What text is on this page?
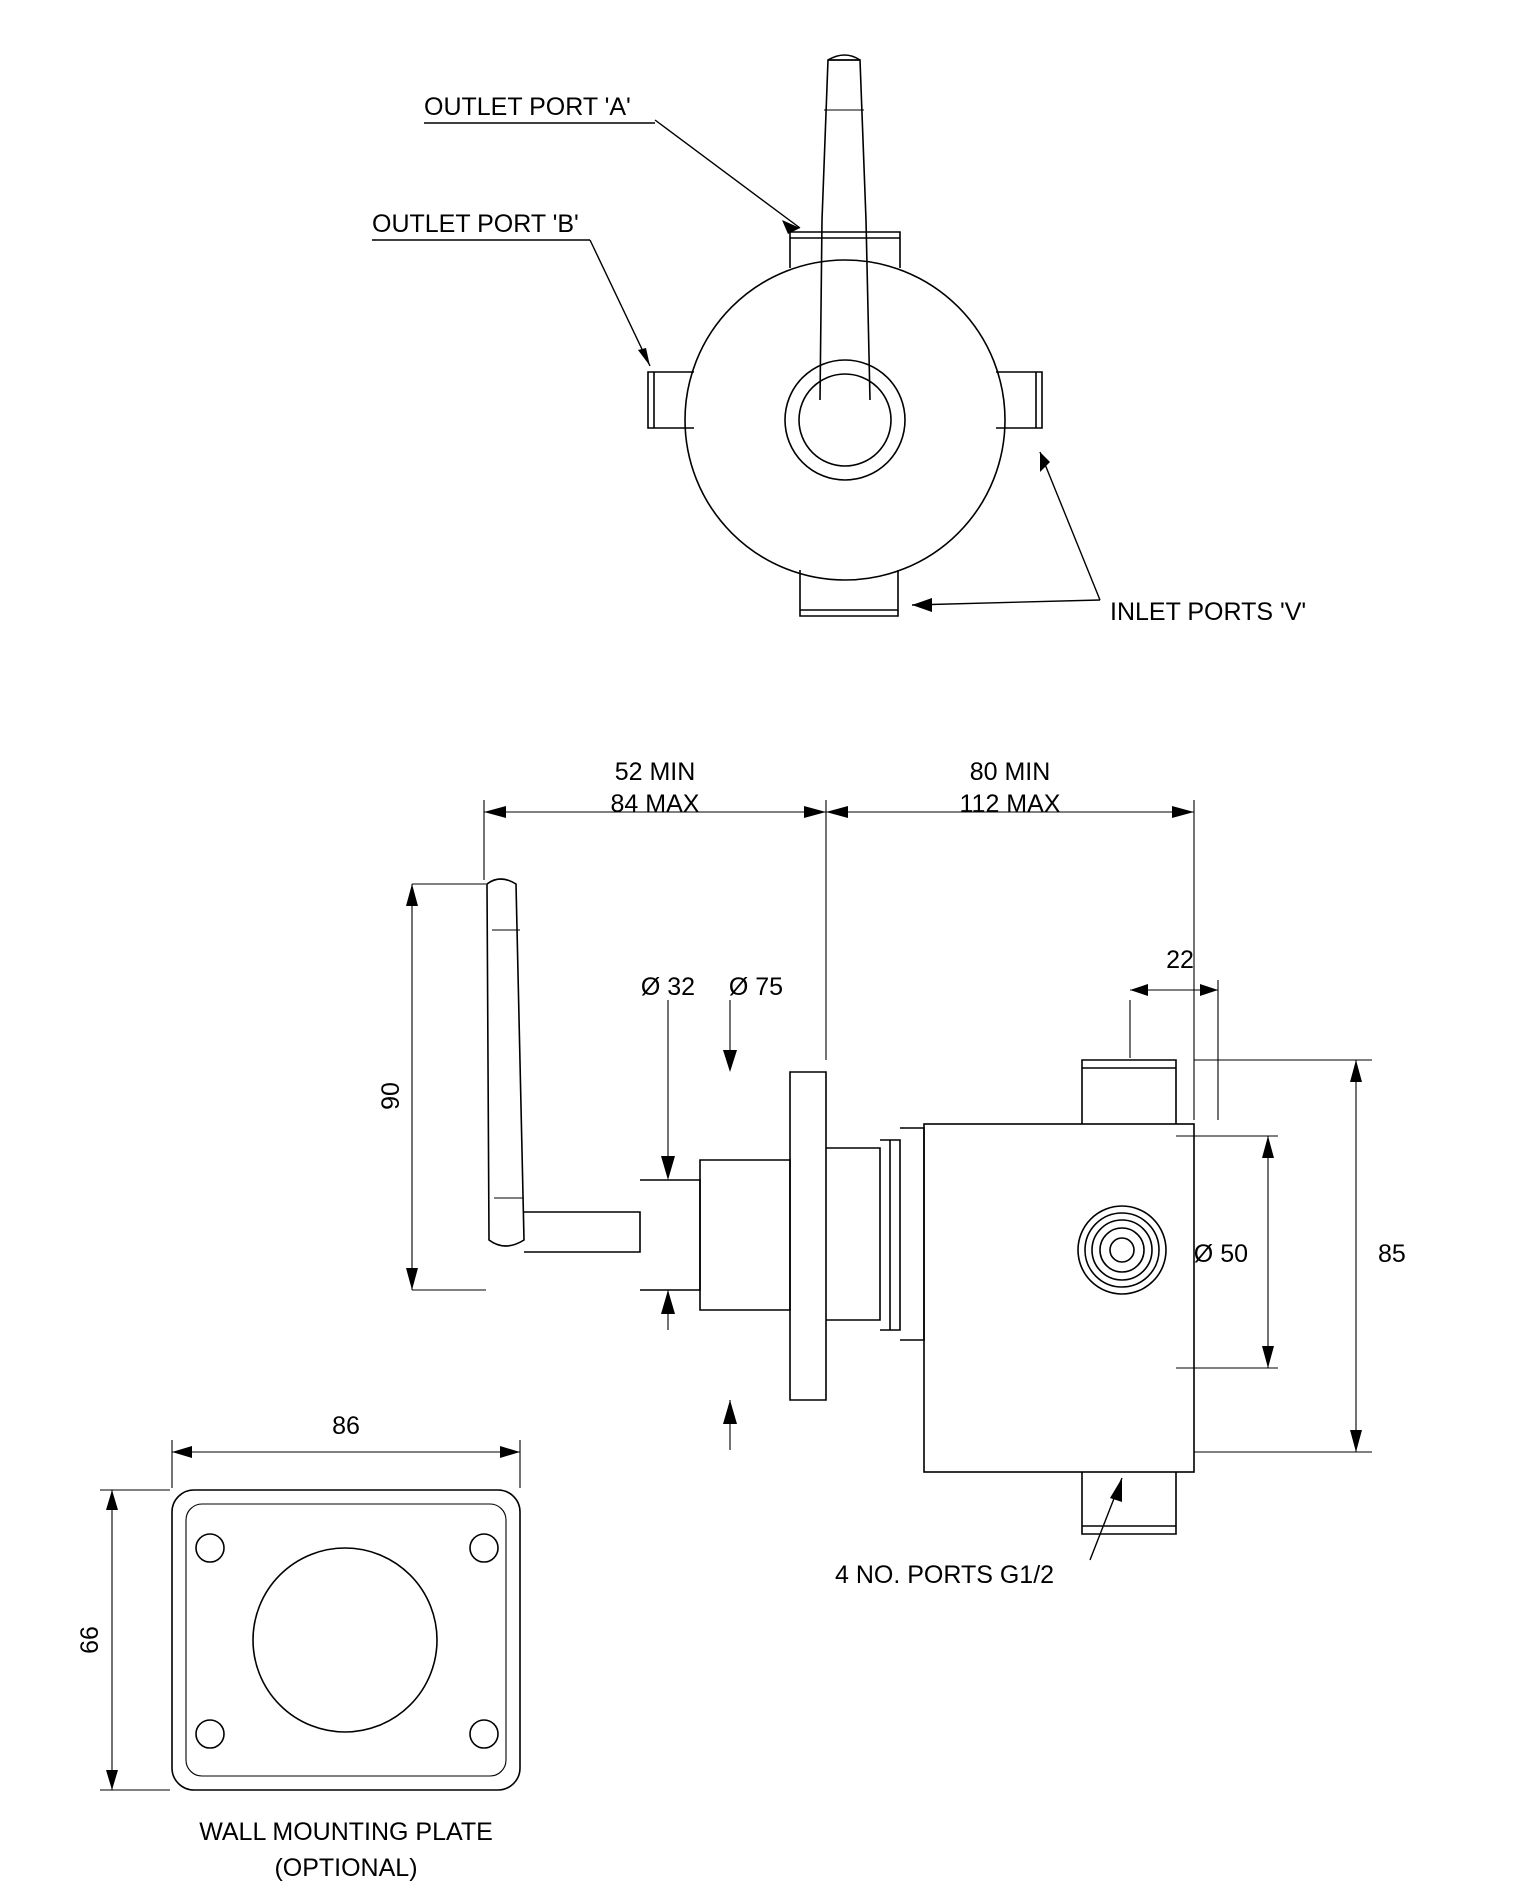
OUTLET PORT 'A'
OUTLET PORT 'B'
INLET PORTS 'V'
52 MIN
84 MAX
80 MIN
112 MAX
90
Ø 32 Ø 75
22
Ø 50	85
4 NO. PORTS G1/2
86
66
WALL MOUNTING PLATE
(OPTIONAL)
